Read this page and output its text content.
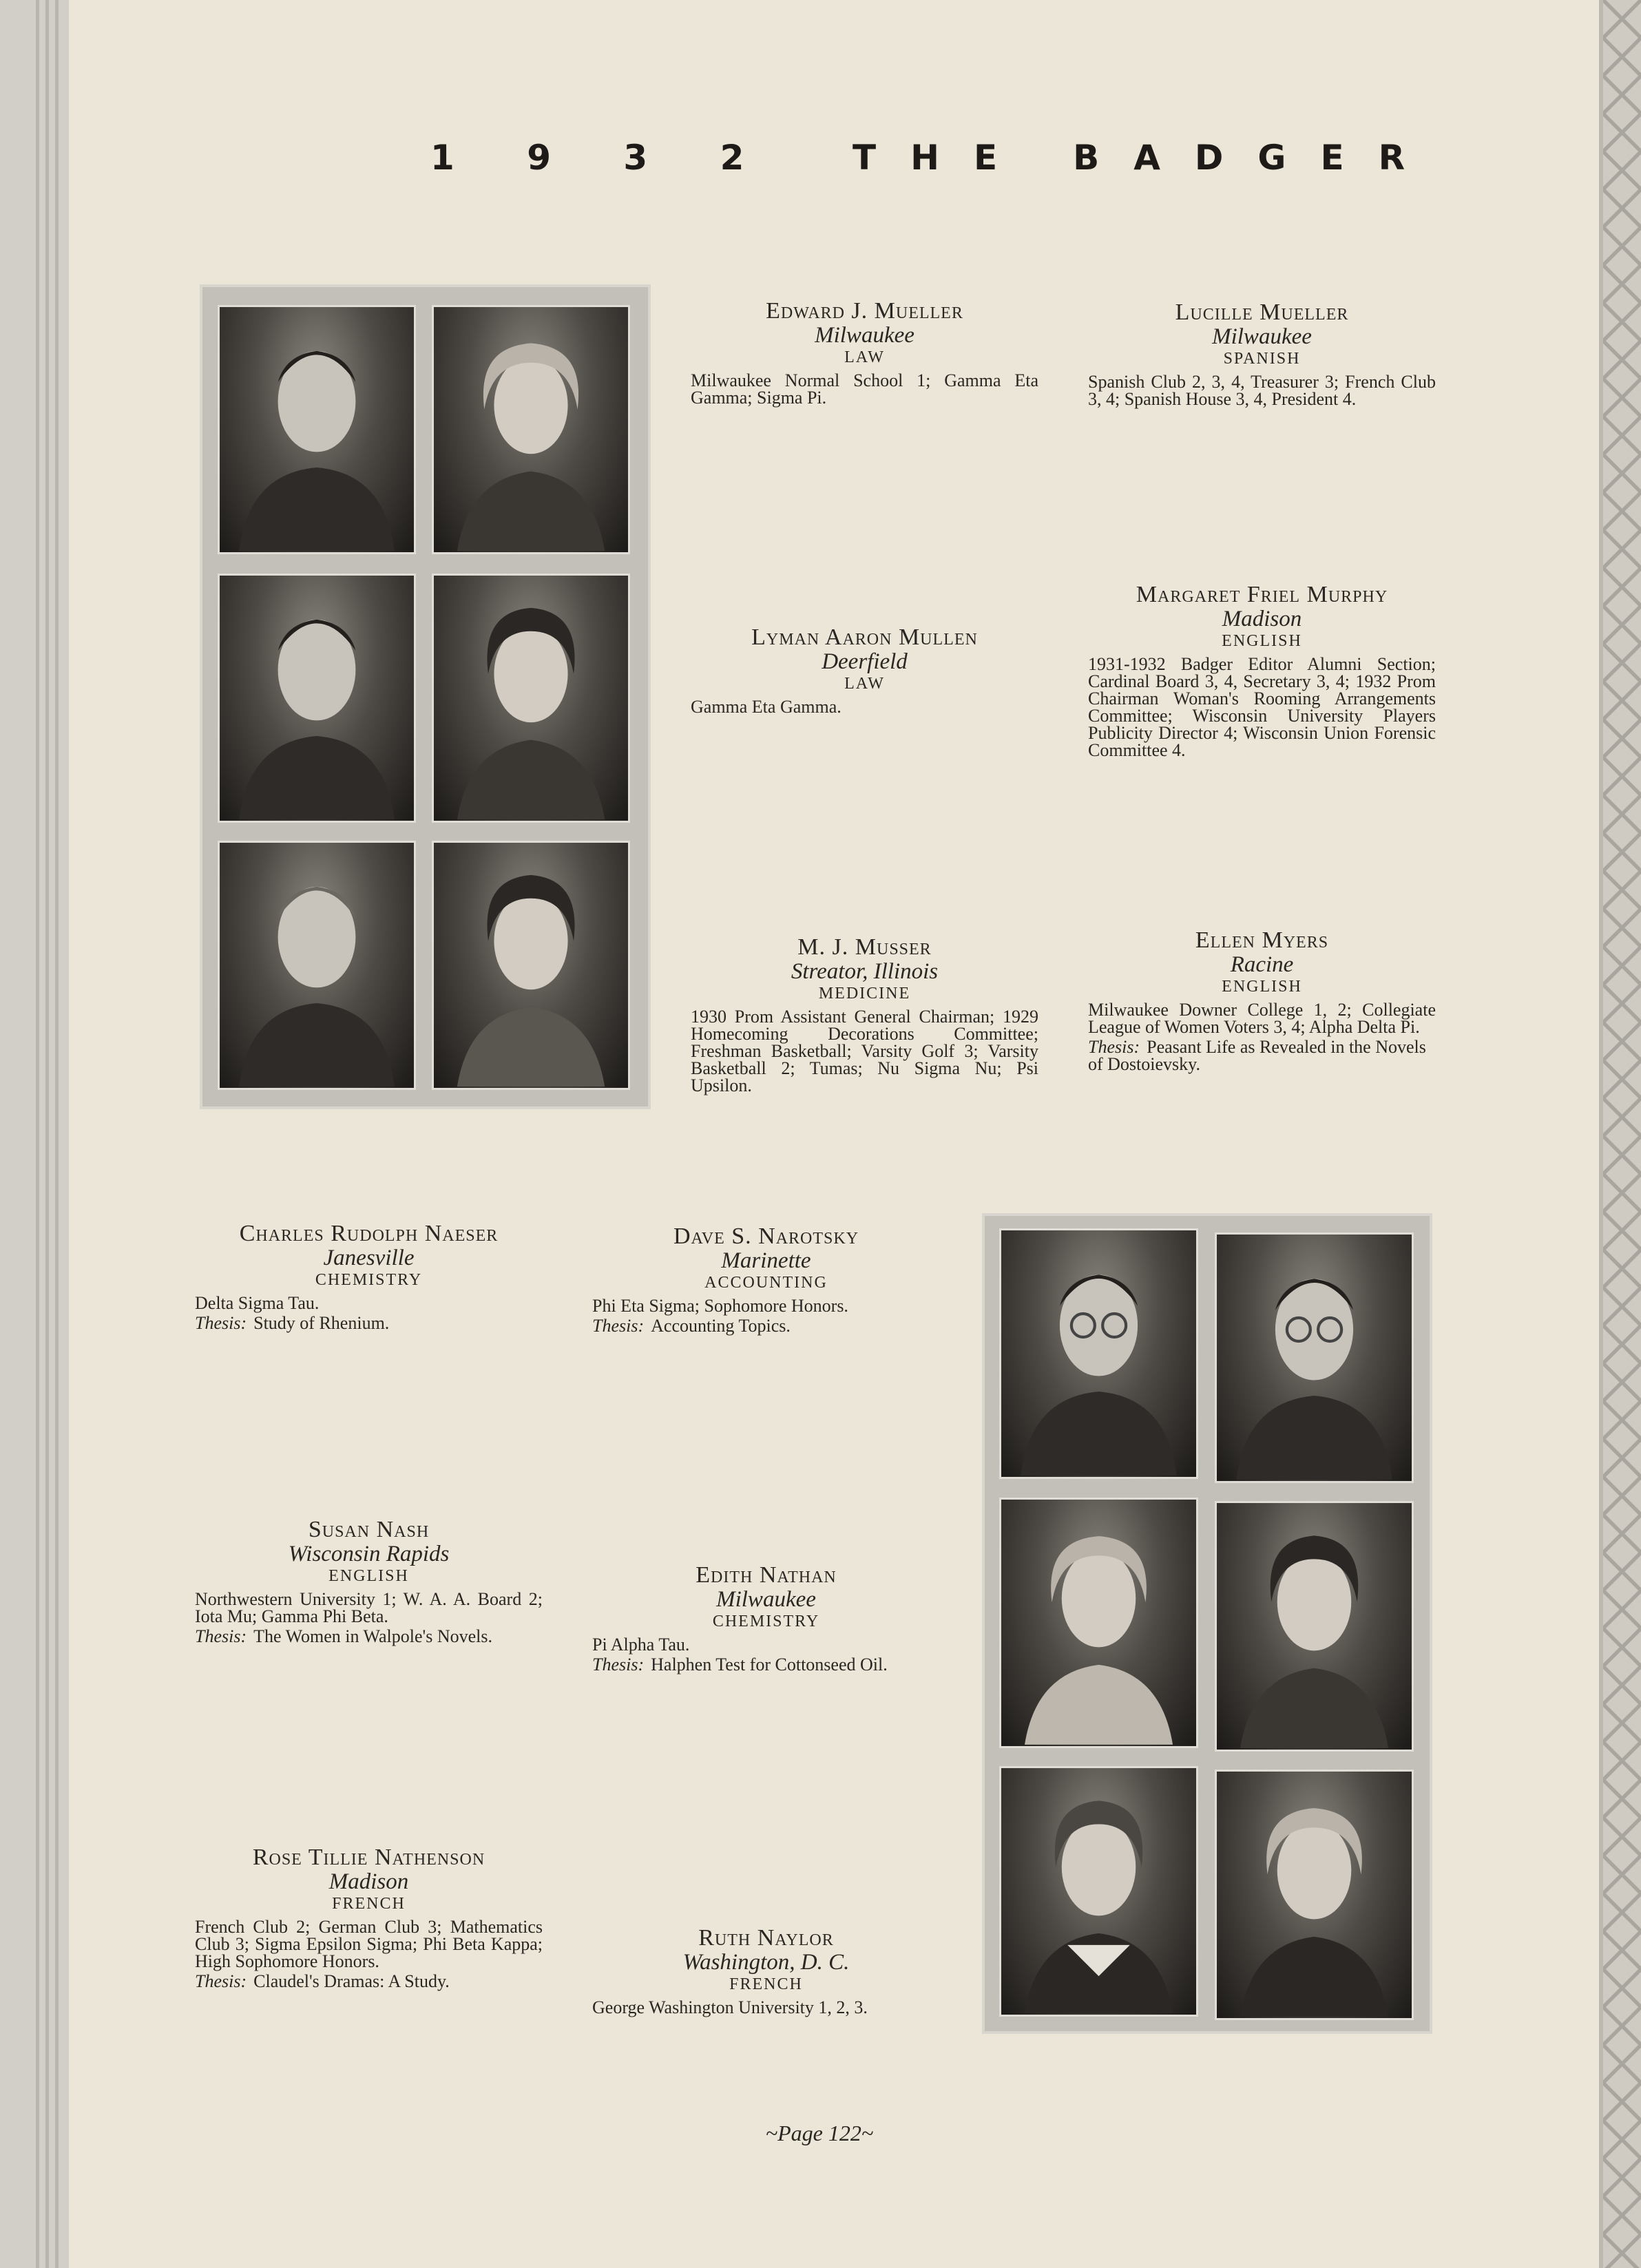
1 9 3 2 THE BADGER
Edward J. Mueller
Milwaukee
LAW
Milwaukee Normal School 1; Gamma Eta Gamma; Sigma Pi.
Lucille Mueller
Milwaukee
SPANISH
Spanish Club 2, 3, 4, Treasurer 3; French Club 3, 4; Spanish House 3, 4, President 4.
Lyman Aaron Mullen
Deerfield
LAW
Gamma Eta Gamma.
Margaret Friel Murphy
Madison
ENGLISH
1931-1932 Badger Editor Alumni Section; Cardinal Board 3, 4, Secretary 3, 4; 1932 Prom Chairman Woman's Rooming Arrangements Committee; Wisconsin University Players Publicity Director 4; Wisconsin Union Forensic Committee 4.
M. J. Musser
Streator, Illinois
MEDICINE
1930 Prom Assistant General Chairman; 1929 Homecoming Decorations Committee; Freshman Basketball; Varsity Golf 3; Varsity Basketball 2; Tumas; Nu Sigma Nu; Psi Upsilon.
Ellen Myers
Racine
ENGLISH
Milwaukee Downer College 1, 2; Collegiate League of Women Voters 3, 4; Alpha Delta Pi.
Thesis: Peasant Life as Revealed in the Novels of Dostoievsky.
Charles Rudolph Naeser
Janesville
CHEMISTRY
Delta Sigma Tau.
Thesis: Study of Rhenium.
Dave S. Narotsky
Marinette
ACCOUNTING
Phi Eta Sigma; Sophomore Honors.
Thesis: Accounting Topics.
Susan Nash
Wisconsin Rapids
ENGLISH
Northwestern University 1; W. A. A. Board 2; Iota Mu; Gamma Phi Beta.
Thesis: The Women in Walpole's Novels.
Edith Nathan
Milwaukee
CHEMISTRY
Pi Alpha Tau.
Thesis: Halphen Test for Cottonseed Oil.
Rose Tillie Nathenson
Madison
FRENCH
French Club 2; German Club 3; Mathematics Club 3; Sigma Epsilon Sigma; Phi Beta Kappa; High Sophomore Honors.
Thesis: Claudel's Dramas: A Study.
Ruth Naylor
Washington, D. C.
FRENCH
George Washington University 1, 2, 3.
~Page 122~
